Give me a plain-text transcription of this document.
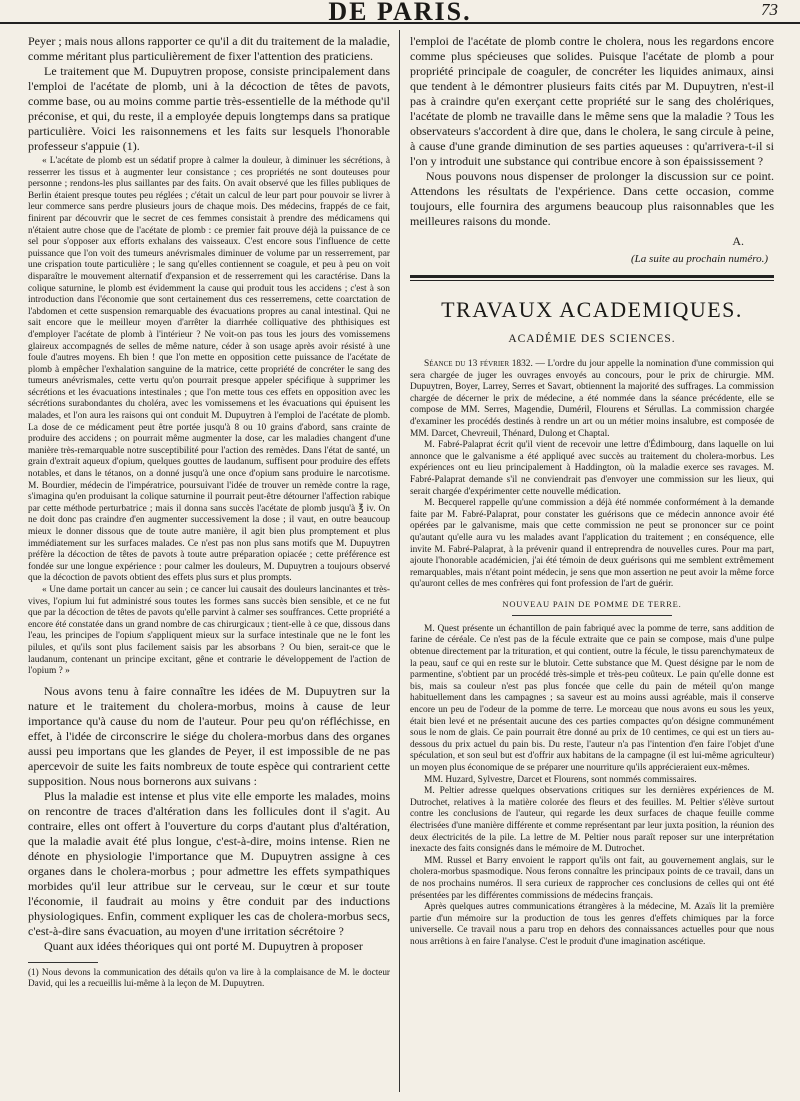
DE PARIS.	73

Peyer ; mais nous allons rapporter ce qu'il a dit du traitement de la maladie, comme méritant plus particulièrement de fixer l'attention des praticiens.

Le traitement que M. Dupuytren propose, consiste principalement dans l'emploi de l'acétate de plomb, uni à la décoction de têtes de pavots, comme base, ou au moins comme partie très-essentielle de la méthode qu'il préconise, et qui, du reste, il a employée depuis longtemps dans sa pratique particulière. Voici les raisonnemens et les faits sur lesquels l'honorable professeur s'appuie (1).

« L'acétate de plomb est un sédatif propre à calmer la douleur, à diminuer les sécrétions, à resserrer les tissus et à augmenter leur consistance ; ces propriétés ne sont douteuses pour personne ; rendons-les plus saillantes par des faits. On avait observé que les filles publiques de Berlin étaient presque toutes peu réglées ; c'était un calcul de leur part pour pouvoir se livrer à leur commerce sans perdre plusieurs jours de chaque mois. Des médecins, frappés de ce fait, finirent par découvrir que le secret de ces femmes consistait à prendre des médicamens qui n'étaient autre chose que de l'acétate de plomb : ce premier fait prouve déjà la puissance de ce sel pour s'opposer aux efforts exhalans des vaisseaux. C'est encore sous l'influence de cette puissance que l'on voit des tumeurs anévrismales diminuer de volume par un resserrement, par une crispation toute particulière ; le sang qu'elles contiennent se coagule, et peu à peu on voit disparaître le mouvement alternatif d'expansion et de resserrement qui les caractérise. Dans la colique saturnine, le plomb est évidemment la cause qui produit tous les accidens ; c'est à son introduction dans l'économie que sont certainement dus ces resserremens, cette coarctation de l'abdomen et cette suspension remarquable des évacuations propres au canal intestinal. Qui ne sait encore que le meilleur moyen d'arrêter la diarrhée colliquative des phthisiques est d'employer l'acétate de plomb à l'intérieur ? Ne voit-on pas tous les jours des vomissemens glaireux accompagnés de selles de même nature, céder à son usage après avoir résisté à une foule d'autres moyens. Eh bien ! que l'on mette en opposition cette puissance de l'acétate de plomb à empêcher l'exhalation sanguine de la matrice, cette propriété de concréter le sang des tumeurs anévrismales, cette vertu qu'on pourrait presque appeler spécifique à supprimer les sécrétions et les évacuations intestinales ; que l'on mette tous ces effets en opposition avec les sécrétions surabondantes du choléra, avec les vomissemens et les évacuations qui épuisent les malades, et l'on aura les raisons qui ont conduit M. Dupuytren à l'emploi de l'acétate de plomb. La dose de ce médicament peut être portée jusqu'à 8 ou 10 grains d'abord, sans crainte de produire des accidens ; on pourrait même augmenter la dose, car les maladies changent d'une manière très-remarquable notre susceptibilité pour l'action des remèdes. Dans l'état de santé, un grain d'extrait aqueux d'opium, quelques gouttes de laudanum, suffisent pour produire des effets notables, et dans le tétanos, on a donné jusqu'à une once d'opium sans produire le narcotisme. M. Bourdier, médecin de l'impératrice, poursuivant l'idée de trouver un remède contre la rage, s'imagina qu'en produisant la colique saturnine il pourrait peut-être détourner l'affection rabique par cette méthode perturbatrice ; mais il donna sans succès l'acétate de plomb jusqu'à ℥ iv. On ne doit donc pas craindre d'en augmenter successivement la dose ; il vaut, en outre beaucoup mieux le donner dissous que de toute autre manière, il agit bien plus promptement et plus immédiatement sur les surfaces malades. Ce n'est pas non plus sans motifs que M. Dupuytren préfère la décoction de têtes de pavots à toute autre préparation opiacée ; cette préférence est fondée sur une longue expérience : pour calmer les douleurs, M. Dupuytren a toujours observé que la décoction de pavots obtient des effets plus surs et plus prompts.

« Une dame portait un cancer au sein ; ce cancer lui causait des douleurs lancinantes et très-vives, l'opium lui fut administré sous toutes les formes sans succès bien sensible, et ce ne fut que par la décoction de têtes de pavots qu'elle parvint à calmer ses souffrances. Cette propriété a encore été constatée dans un grand nombre de cas chirurgicaux ; tient-elle à ce que, dissous dans l'eau, les principes de l'opium s'appliquent mieux sur la surface intestinale que ne le font les pilules, et qu'ils sont plus facilement saisis par les absorbans ? Ou bien, serait-ce que le laudanum, contenant un principe excitant, gêne et contrarie le développement de l'action de l'opium ? »

Nous avons tenu à faire connaître les idées de M. Dupuytren sur la nature et le traitement du cholera-morbus, moins à cause de leur importance qu'à cause du nom de l'auteur. Pour peu qu'on réfléchisse, en effet, à l'idée de circonscrire le siége du cholera-morbus dans des organes aussi peu importans que les glandes de Peyer, il est impossible de ne pas apercevoir de suite les faits nombreux de toute espèce qui contrarient cette supposition. Nous nous bornerons aux suivans :

Plus la maladie est intense et plus vite elle emporte les malades, moins on rencontre de traces d'altération dans les follicules dont il s'agit. Au contraire, elles ont offert à l'ouverture du corps d'autant plus d'altération, que la maladie avait été plus longue, c'est-à-dire, moins intense. Rien ne dénote en physiologie l'importance que M. Dupuytren assigne à ces organes dans le cholera-morbus ; pour admettre les effets sympathiques morbides qu'il leur attribue sur le cerveau, sur le cœur et sur toute l'économie, il faudrait au moins y être conduit par des inductions physiologiques. Enfin, comment expliquer les cas de cholera-morbus secs, c'est-à-dire sans évacuation, au moyen d'une irritation sécrétoire ?

Quant aux idées théoriques qui ont porté M. Dupuytren à proposer

(1) Nous devons la communication des détails qu'on va lire à la complaisance de M. le docteur David, qui les a recueillis lui-même à la leçon de M. Dupuytren.

l'emploi de l'acétate de plomb contre le cholera, nous les regardons encore comme plus spécieuses que solides. Puisque l'acétate de plomb a pour propriété principale de coaguler, de concréter les liquides animaux, ainsi que tendent à le démontrer plusieurs faits cités par M. Dupuytren, n'est-il pas à craindre qu'en exerçant cette propriété sur le sang des cholériques, l'acétate de plomb ne travaille dans le même sens que la maladie ? Tous les observateurs s'accordent à dire que, dans le cholera, le sang circule à peine, à cause d'une grande diminution de ses parties aqueuses : qu'arrivera-t-il si l'on y introduit une substance qui contribue encore à son épaississement ?

Nous pouvons nous dispenser de prolonger la discussion sur ce point. Attendons les résultats de l'expérience. Dans cette occasion, comme toujours, elle fournira des argumens beaucoup plus raisonnables que les meilleures raisons du monde.

A.
(La suite au prochain numéro.)
TRAVAUX ACADEMIQUES.
ACADÉMIE DES SCIENCES.

Séance du 13 février 1832. — L'ordre du jour appelle la nomination d'une commission qui sera chargée de juger les ouvrages envoyés au concours, pour le prix de chirurgie. MM. Dupuytren, Boyer, Larrey, Serres et Savart, obtiennent la majorité des suffrages. La commission chargée de décerner le prix de médecine, a été nommée dans la séance précédente, elle se compose de MM. Serres, Magendie, Duméril, Flourens et Sérullas. La commission chargée d'examiner les procédés destinés à rendre un art ou un métier moins insalubre, est composée de MM. Darcet, Chevreuil, Thénard, Dulong et Chaptal.

M. Fabré-Palaprat écrit qu'il vient de recevoir une lettre d'Édimbourg, dans laquelle on lui annonce que le galvanisme a été appliqué avec succès au traitement du cholera-morbus. Les expériences ont eu lieu principalement à Haddington, où la maladie exerce ses ravages. M. Fabré-Palaprat demande s'il ne conviendrait pas d'envoyer une commission sur les lieux, qui serait chargée d'expérimenter cette nouvelle médication.

M. Becquerel rappelle qu'une commission a déjà été nommée conformément à la demande faite par M. Fabré-Palaprat, pour constater les guérisons que ce médecin annonce avoir été opérées par le galvanisme, mais que cette commission ne peut se prononcer sur ce point qu'autant qu'elle aura vu les malades avant l'application du traitement ; en conséquence, elle invite M. Fabré-Palaprat, à la prévenir quand il entreprendra de nouvelles cures. Pour ma part, ajoute l'honorable académicien, j'ai été témoin de deux guérisons qui me semblent extrêmement remarquables, mais n'étant point médecin, je sens que mon assertion ne peut avoir la même force qu'auront celles de mes confrères qui font profession de l'art de guérir.

NOUVEAU PAIN DE POMME DE TERRE.

M. Quest présente un échantillon de pain fabriqué avec la pomme de terre, sans addition de farine de céréale. Ce n'est pas de la fécule extraite que ce pain se compose, mais d'une pulpe obtenue directement par la trituration, et qui contient, outre la fécule, le tissu parenchymateux de la peau, sauf ce qui en reste sur le blutoir. Cette substance que M. Quest désigne par le nom de parmentine, s'obtient par un procédé très-simple et très-peu coûteux. Le pain qu'elle donne est bis, mais sa couleur n'est pas plus foncée que celle du pain de méteil qu'on mange habituellement dans les campagnes ; sa saveur est au moins aussi agréable, mais il conserve encore un peu de l'odeur de la pomme de terre. Le morceau que nous avons eu sous les yeux, était bien levé et ne présentait aucune des ces parties compactes qu'on désigne communément sous le nom de glais. Ce pain pourrait être donné au prix de 10 centimes, ce qui est un tiers au-dessous du prix actuel du pain bis. Du reste, l'auteur n'a pas l'intention d'en faire l'objet d'une spéculation, et son seul but est d'offrir aux habitans de la campagne (il est lui-même agriculteur) un moyen plus économique de se préparer une nourriture qu'ils apprécieraient eux-mêmes.

MM. Huzard, Sylvestre, Darcet et Flourens, sont nommés commissaires.

M. Peltier adresse quelques observations critiques sur les dernières expériences de M. Dutrochet, relatives à la matière colorée des fleurs et des feuilles. M. Peltier s'élève surtout contre les conclusions de l'auteur, qui regarde les deux surfaces de chaque feuille comme électrisées d'une manière différente et comme représentant par leur juxta position, la réunion des deux électricités de la pile. La lettre de M. Peltier nous paraît reposer sur une interprétation inexacte des faits consignés dans le mémoire de M. Dutrochet.

MM. Russel et Barry envoient le rapport qu'ils ont fait, au gouvernement anglais, sur le cholera-morbus spasmodique. Nous ferons connaître les principaux points de ce travail, dans un de nos prochains numéros. Il sera curieux de rapprocher ces conclusions de celles qui ont été présentées par les différentes commissions de médecins français.

Après quelques autres communications étrangères à la médecine, M. Azaïs lit la première partie d'un mémoire sur la production de tous les genres d'effets chimiques par la force universelle. Ce travail nous a paru trop en dehors des connaissances actuelles pour que nous nous arrêtions à en faire l'analyse. C'est le produit d'une imagination ascétique.
